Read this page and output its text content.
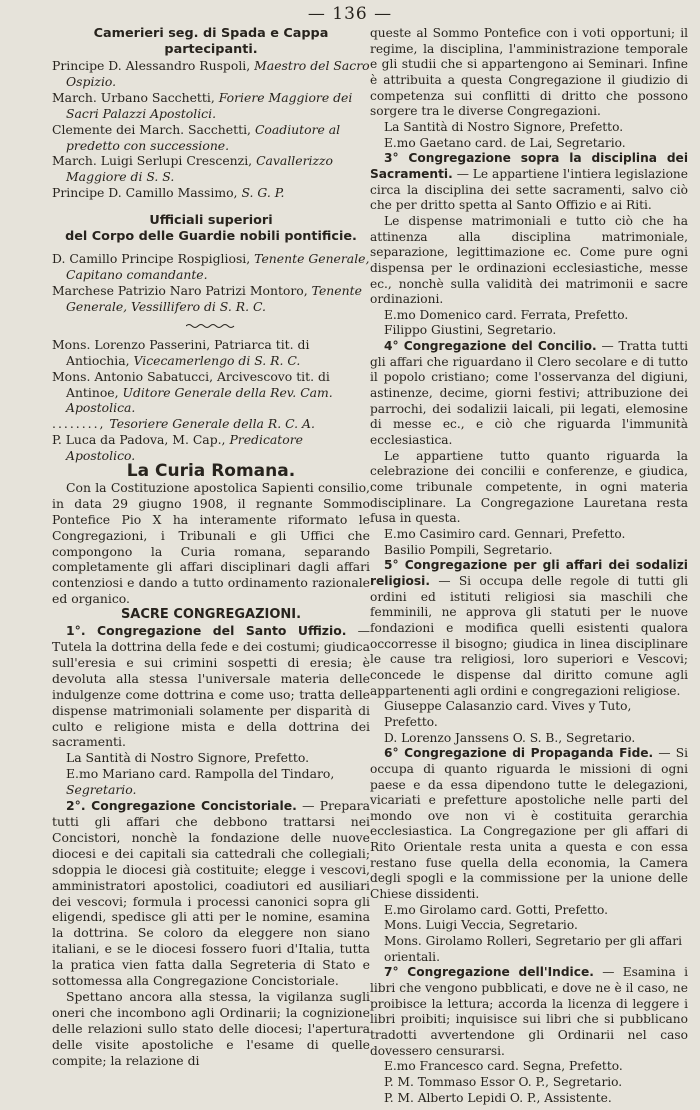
— 136 —

Camerieri seg. di Spada e Cappa partecipanti.

Principe D. Alessandro Ruspoli, Maestro del Sacro Ospizio.

March. Urbano Sacchetti, Foriere Maggiore dei Sacri Palazzi Apostolici.

Clemente dei March. Sacchetti, Coadiutore al predetto con successione.

March. Luigi Serlupi Crescenzi, Cavallerizzo Maggiore di S. S.

Principe D. Camillo Massimo, S. G. P.

Ufficiali superiori

del Corpo delle Guardie nobili pontificie.

D. Camillo Principe Rospigliosi, Tenente Generale, Capitano comandante.

Marchese Patrizio Naro Patrizi Montoro, Tenente Generale, Vessillifero di S. R. C.

Mons. Lorenzo Passerini, Patriarca tit. di Antiochia, Vicecamerlengo di S. R. C.

Mons. Antonio Sabatucci, Arcivescovo tit. di Antinoe, Uditore Generale della Rev. Cam. Apostolica.

........, Tesoriere Generale della R. C. A.

P. Luca da Padova, M. Cap., Predicatore Apostolico.

La Curia Romana.

Con la Costituzione apostolica Sapienti consilio, in data 29 giugno 1908, il regnante Sommo Pontefice Pio X ha interamente riformato le Congregazioni, i Tribunali e gli Uffici che compongono la Curia romana, separando completamente gli affari disciplinari dagli affari contenziosi e dando a tutto ordinamento razionale ed organico.

SACRE CONGREGAZIONI.

1°. Congregazione del Santo Uffizio. — Tutela la dottrina della fede e dei costumi; giudica sull'eresia e sui crimini sospetti di eresia; è devoluta alla stessa l'universale materia delle indulgenze come dottrina e come uso; tratta delle dispense matrimoniali solamente per disparità di culto e religione mista e della dottrina dei sacramenti.

La Santità di Nostro Signore, Prefetto.

E.mo Mariano card. Rampolla del Tindaro, Segretario.

2°. Congregazione Concistoriale. — Prepara tutti gli affari che debbono trattarsi nei Concistori, nonchè la fondazione delle nuove diocesi e dei capitali sia cattedrali che collegiali; sdoppia le diocesi già costituite; elegge i vescovi, amministratori apostolici, coadiutori ed ausiliari dei vescovi; formula i processi canonici sopra gli eligendi, spedisce gli atti per le nomine, esamina la dottrina. Se coloro da eleggere non siano italiani, e se le diocesi fossero fuori d'Italia, tutta la pratica vien fatta dalla Segreteria di Stato e sottomessa alla Congregazione Concistoriale.

Spettano ancora alla stessa, la vigilanza sugli oneri che incombono agli Ordinarii; la cognizione delle relazioni sullo stato delle diocesi; l'apertura delle visite apostoliche e l'esame di quelle compite; la relazione di

queste al Sommo Pontefice con i voti opportuni; il regime, la disciplina, l'amministrazione temporale e gli studii che si appartengono ai Seminari. Infine è attribuita a questa Congregazione il giudizio di competenza sui conflitti di dritto che possono sorgere tra le diverse Congregazioni.

La Santità di Nostro Signore, Prefetto.

E.mo Gaetano card. de Lai, Segretario.

3° Congregazione sopra la disciplina dei Sacramenti. — Le appartiene l'intiera legislazione circa la disciplina dei sette sacramenti, salvo ciò che per dritto spetta al Santo Offizio e ai Riti.

Le dispense matrimoniali e tutto ciò che ha attinenza alla disciplina matrimoniale, separazione, legittimazione ec. Come pure ogni dispensa per le ordinazioni ecclesiastiche, messe ec., nonchè sulla validità dei matrimonii e sacre ordinazioni.

E.mo Domenico card. Ferrata, Prefetto.

Filippo Giustini, Segretario.

4° Congregazione del Concilio. — Tratta tutti gli affari che riguardano il Clero secolare e di tutto il popolo cristiano; come l'osservanza del digiuni, astinenze, decime, giorni festivi; attribuzione dei parrochi, dei sodalizii laicali, pii legati, elemosine di messe ec., e ciò che riguarda l'immunità ecclesiastica.

Le appartiene tutto quanto riguarda la celebrazione dei concilii e conferenze, e giudica, come tribunale competente, in ogni materia disciplinare. La Congregazione Lauretana resta fusa in questa.

E.mo Casimiro card. Gennari, Prefetto.

Basilio Pompili, Segretario.

5° Congregazione per gli affari dei sodalizi religiosi. — Si occupa delle regole di tutti gli ordini ed istituti religiosi sia maschili che femminili, ne approva gli statuti per le nuove fondazioni e modifica quelli esistenti qualora occorresse il bisogno; giudica in linea disciplinare le cause tra religiosi, loro superiori e Vescovi; concede le dispense dal diritto comune agli appartenenti agli ordini e congregazioni religiose.

Giuseppe Calasanzio card. Vives y Tuto, Prefetto.

D. Lorenzo Janssens O. S. B., Segretario.

6° Congregazione di Propaganda Fide. — Si occupa di quanto riguarda le missioni di ogni paese e da essa dipendono tutte le delegazioni, vicariati e prefetture apostoliche nelle parti del mondo ove non vi è costituita gerarchia ecclesiastica. La Congregazione per gli affari di Rito Orientale resta unita a questa e con essa restano fuse quella della economia, la Camera degli spogli e la commissione per la unione delle Chiese dissidenti.

E.mo Girolamo card. Gotti, Prefetto.

Mons. Luigi Veccia, Segretario.

Mons. Girolamo Rolleri, Segretario per gli affari orientali.

7° Congregazione dell'Indice. — Esamina i libri che vengono pubblicati, e dove ne è il caso, ne proibisce la lettura; accorda la licenza di leggere i libri proibiti; inquisisce sui libri che si pubblicano tradotti avvertendone gli Ordinarii nel caso dovessero censurarsi.

E.mo Francesco card. Segna, Prefetto.

P. M. Tommaso Essor O. P., Segretario.

P. M. Alberto Lepidi O. P., Assistente.
